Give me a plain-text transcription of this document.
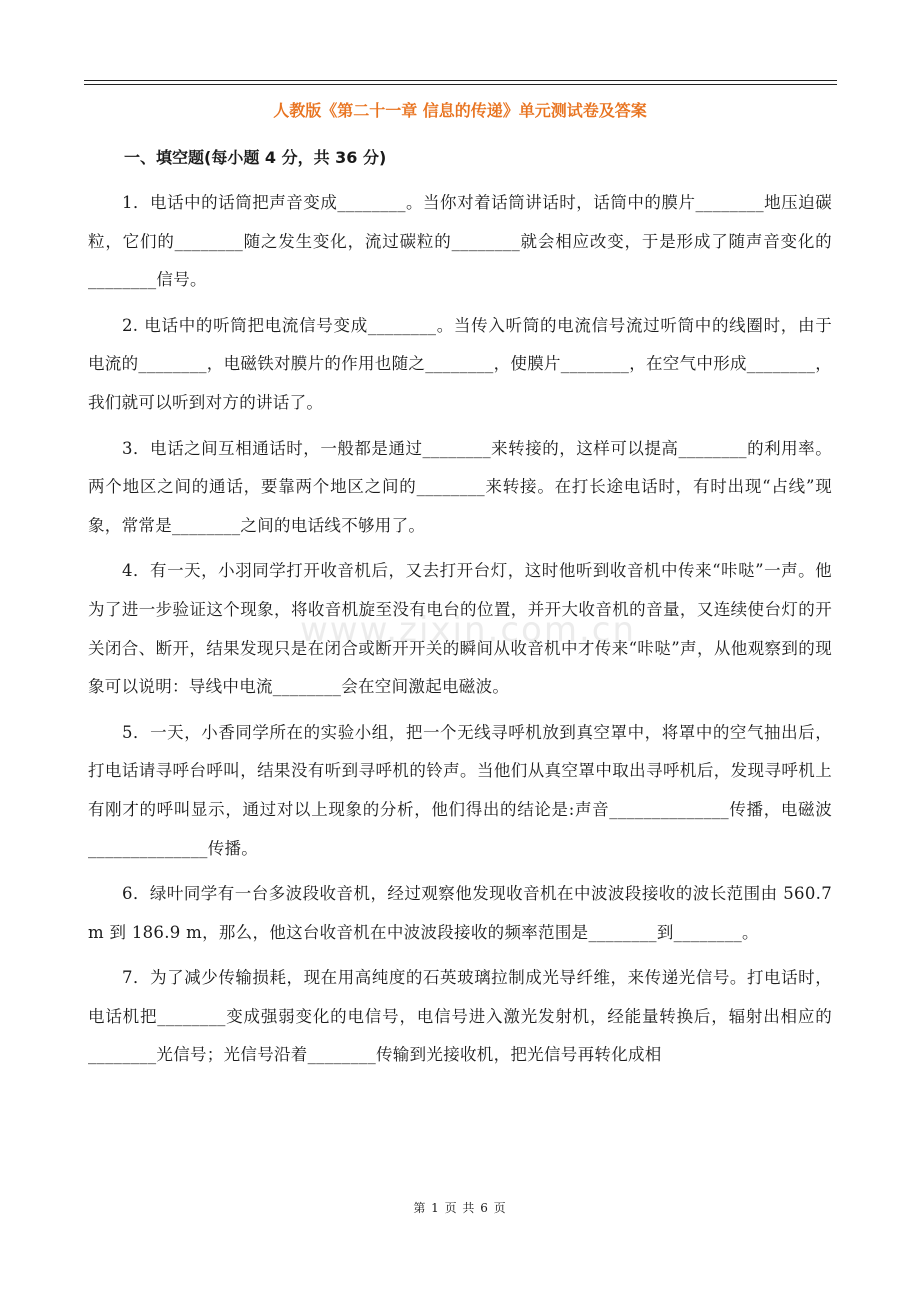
www.zixin.com.cn
人教版《第二十一章 信息的传递》单元测试卷及答案
一、填空题(每小题 4 分，共 36 分)

1．电话中的话筒把声音变成________。当你对着话筒讲话时，话筒中的膜片________地压迫碳粒，它们的________随之发生变化，流过碳粒的________就会相应改变，于是形成了随声音变化的________信号。

2. 电话中的听筒把电流信号变成________。当传入听筒的电流信号流过听筒中的线圈时，由于电流的________，电磁铁对膜片的作用也随之________，使膜片________，在空气中形成________，我们就可以听到对方的讲话了。

3．电话之间互相通话时，一般都是通过________来转接的，这样可以提高________的利用率。两个地区之间的通话，要靠两个地区之间的________来转接。在打长途电话时，有时出现“占线”现象，常常是________之间的电话线不够用了。

4．有一天，小羽同学打开收音机后，又去打开台灯，这时他听到收音机中传来“咔哒”一声。他为了进一步验证这个现象，将收音机旋至没有电台的位置，并开大收音机的音量，又连续使台灯的开关闭合、断开，结果发现只是在闭合或断开开关的瞬间从收音机中才传来“咔哒”声，从他观察到的现象可以说明：导线中电流________会在空间激起电磁波。

5．一天，小香同学所在的实验小组，把一个无线寻呼机放到真空罩中，将罩中的空气抽出后，打电话请寻呼台呼叫，结果没有听到寻呼机的铃声。当他们从真空罩中取出寻呼机后，发现寻呼机上有刚才的呼叫显示，通过对以上现象的分析，他们得出的结论是:声音______________传播，电磁波______________传播。

6．绿叶同学有一台多波段收音机，经过观察他发现收音机在中波波段接收的波长范围由 560.7 m 到 186.9 m，那么，他这台收音机在中波波段接收的频率范围是________到________。

7．为了减少传输损耗，现在用高纯度的石英玻璃拉制成光导纤维，来传递光信号。打电话时，电话机把________变成强弱变化的电信号，电信号进入激光发射机，经能量转换后，辐射出相应的________光信号；光信号沿着________传输到光接收机，把光信号再转化成相

第 1 页 共 6 页
